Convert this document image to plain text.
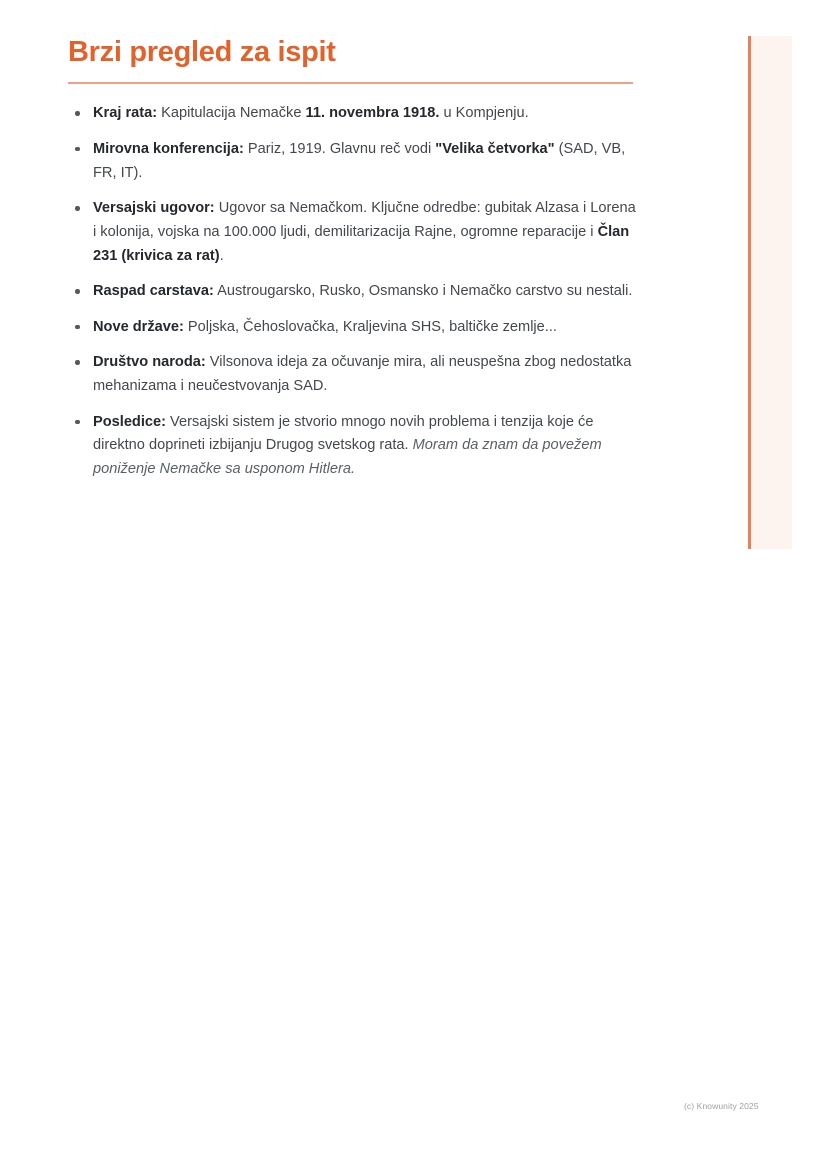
Brzi pregled za ispit
Kraj rata: Kapitulacija Nemačke 11. novembra 1918. u Kompjenju.
Mirovna konferencija: Pariz, 1919. Glavnu reč vodi "Velika četvorka" (SAD, VB, FR, IT).
Versajski ugovor: Ugovor sa Nemačkom. Ključne odredbe: gubitak Alzasa i Lorena i kolonija, vojska na 100.000 ljudi, demilitarizacija Rajne, ogromne reparacije i Član 231 (krivica za rat).
Raspad carstava: Austrougarsko, Rusko, Osmansko i Nemačko carstvo su nestali.
Nove države: Poljska, Čehoslovačka, Kraljevina SHS, baltičke zemlje...
Društvo naroda: Vilsonova ideja za očuvanje mira, ali neuspešna zbog nedostatka mehanizama i neučestvovanja SAD.
Posledice: Versajski sistem je stvorio mnogo novih problema i tenzija koje će direktno doprineti izbijanju Drugog svetskog rata. Moram da znam da povežem poniženje Nemačke sa usponom Hitlera.
(c) Knowunity 2025
